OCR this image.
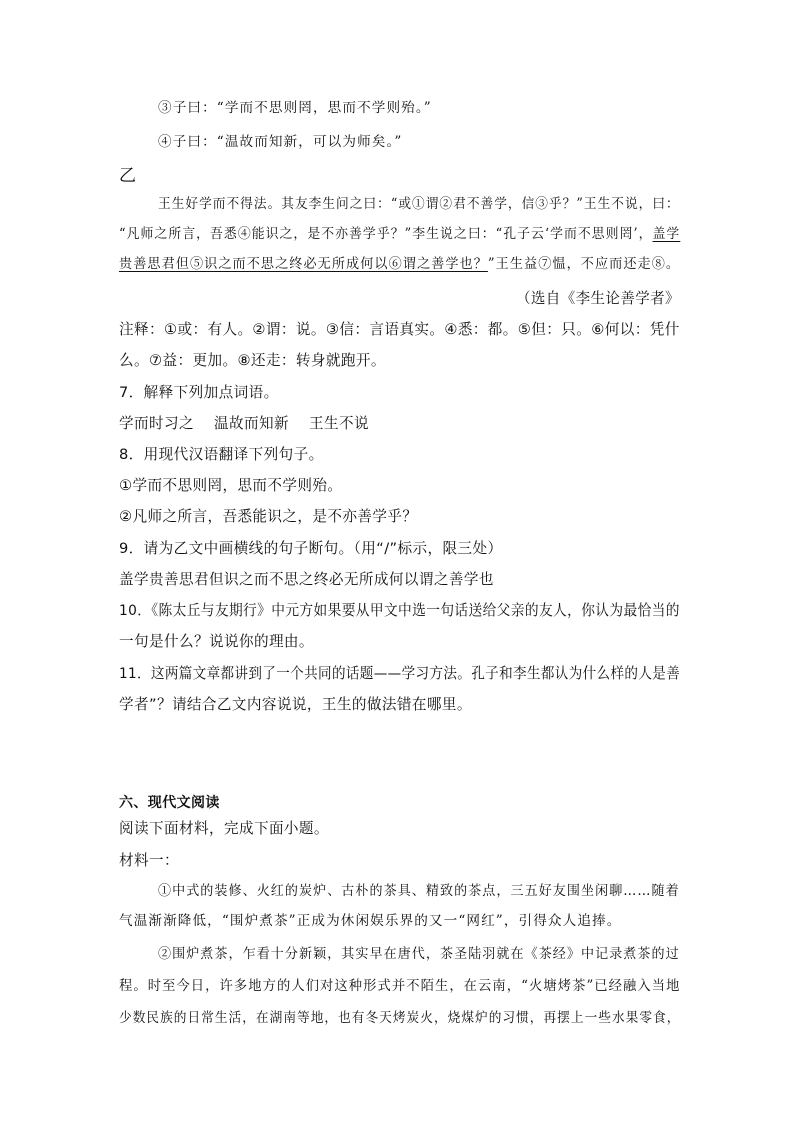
③子曰：“学而不思则罔，思而不学则殆。”
④子曰：“温故而知新，可以为师矣。”
乙
王生好学而不得法。其友李生问之曰：“或①谓②君不善学，信③乎？”王生不说，曰：
“凡师之所言，吾悉④能识之，是不亦善学乎？”李生说之曰：“孔子云‘学而不思则罔’，盖学
贵善思君但⑤识之而不思之终必无所成何以⑥谓之善学也？”王生益⑦愠，不应而还走⑧。
（选自《李生论善学者》
注释：①或：有人。②谓：说。③信：言语真实。④悉：都。⑤但：只。⑥何以：凭什
么。⑦益：更加。⑧还走：转身就跑开。
7．解释下列加点词语。
学而时习之　 温故而知新　 王生不说
8．用现代汉语翻译下列句子。
①学而不思则罔，思而不学则殆。
②凡师之所言，吾悉能识之，是不亦善学乎？
9．请为乙文中画横线的句子断句。（用“/”标示，限三处）
盖学贵善思君但识之而不思之终必无所成何以谓之善学也
10．《陈太丘与友期行》中元方如果要从甲文中选一句话送给父亲的友人，你认为最恰当的
一句是什么？说说你的理由。
11．这两篇文章都讲到了一个共同的话题——学习方法。孔子和李生都认为什么样的人是善
学者”？请结合乙文内容说说，王生的做法错在哪里。
六、现代文阅读
阅读下面材料，完成下面小题。
材料一：
①中式的装修、火红的炭炉、古朴的茶具、精致的茶点，三五好友围坐闲聊……随着
气温渐渐降低，“围炉煮茶”正成为休闲娱乐界的又一“网红”，引得众人追捧。
②围炉煮茶，乍看十分新颖，其实早在唐代，茶圣陆羽就在《茶经》中记录煮茶的过
程。时至今日，许多地方的人们对这种形式并不陌生，在云南，“火塘烤茶”已经融入当地
少数民族的日常生活，在湖南等地，也有冬天烤炭火，烧煤炉的习惯，再摆上一些水果零食，
